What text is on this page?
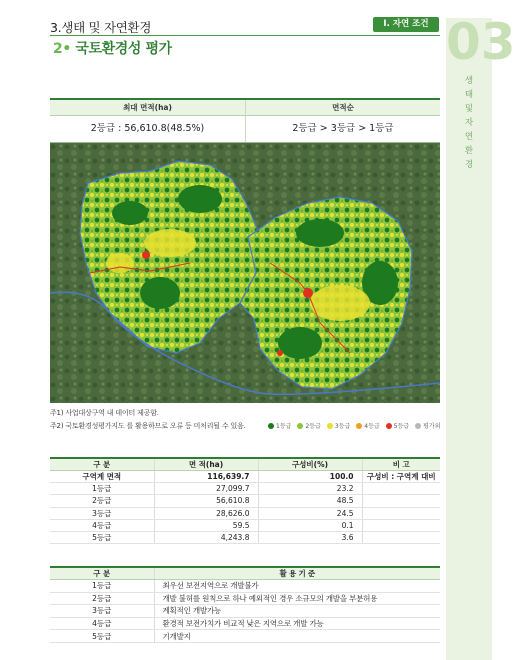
03
생
태
및
자
연
환
경
3.생태 및 자연환경	I. 자연 조건
2• 국토환경성 평가
최대 면적(ha)	면적순
2등급 : 56,610.8(48.5%)	2등급 > 3등급 > 1등급
주1) 사업대상구역 내 데이터 제공함.
주2) 국토환경성평가지도 를 활용하므로 오류 등 미처리될 수 있음.	1등급 2등급 3등급 4등급 5등급 평가외
구 분	면 적(ha)	구성비(%)	비 고
구역계 면적	116,639.7	100.0	구성비 : 구역계 대비
1등급	27,099.7	23.2	
2등급	56,610.8	48.5	
3등급	28,626.0	24.5	
4등급	59.5	0.1	
5등급	4,243.8	3.6	
구 분	활 용 기 준
1등급	최우선 보전지역으로 개발불가
2등급	개발 불허를 원칙으로 하나 예외적인 경우 소규모의 개발을 부분허용
3등급	계획적인 개발가능
4등급	환경적 보전가치가 비교적 낮은 지역으로 개발 가능
5등급	기개발지
